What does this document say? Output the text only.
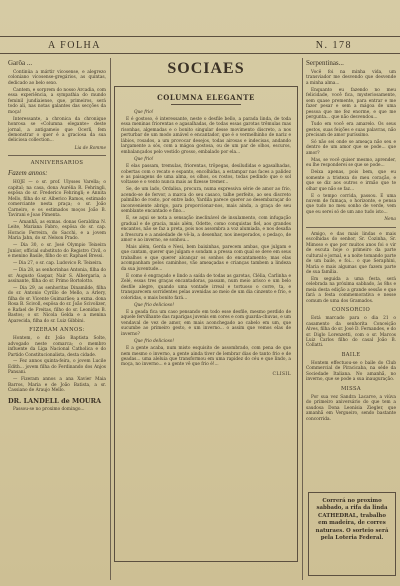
A FOLHA	N. 178
Garôa ...

Continúa a mártir vicosense, e alegrezo coloniano vicosense-gregários, as quintas, dedicado ao belo sexo.

Cantem, e sorprem do nosso Arcadia, com essa experiência, a sympathia do mundo feminil jundiaiense, que, primeiros, será todo ali, nas notas galantes das secções da moça!

Interessante, a chronica da chronique honrosa se «Columna elegante» deste jornal, a antigameio que Ocerlí, fem demonstrar o quer é a graciosa da sua deliciosa collection...

Lia de Romme
ANNIVERSARIOS
Fazem annos:

HOJE — o sr. prof. Ulysses Varella; o capital; na casa, dona Aurélia R. Fehringli, espôsa do sr. Frederico Fehringli; e Annita Mello, filha do sr. Alberico Ramos, estimado comerciante nesta praça; o sr. João Carneiro, e os estimados moços João B. Tavirani e Joao Pimenta.

— Amanhã, as exmas. donas Geraldina N. Leite, Mariana Fabro, espôsa do sr. cap. Horacio Ferreira, do Sacchi, e a jovem Maria Jahn, do sr. Nelson Prado.

— Dia 30, o sr. José Olympio Teixeira Junior, official substituto do Registro Civil, o e menino Basile, filho do sr. Raphael Bressi.

— Dia 27, o sr. cap. Ludovico R. Teixeira.

— Dia 28, as senhorinhas Antonia, filha do sr. Augusto Gaspar, Nair S. Albergaria, a assinante, filha do sr. Primo Bortolotto.

— Dia 29, as senhoritas Dinamilde, filha do sr. Antonio Cyrillo de Mello, a Arlery, filha do sr. Vicente Guimarães; a exma. dona Rosa B. Scivoll, espôsa do sr. João Scivolizer, e Rafael de Freitas, filho do sr. Leonidas B. Bastos; o sr. Nicola Gelda e a menina Aparecida, filha do sr. Luiz Gibbini.

FIZERAM ANNOS:

Hontem, o dr. João Baptista Solte, advogado neste comarca; o membro influente da Liga Nacional Catholica e do Partido Constitucionalista, desta cidade.

— Fez annos quinta-feira, o jovem Lucile Edith... jovem filha do Ferdinando dos Anjos Pansani.

— Fizeram annos a ana Xavier Maia Barros, Maria e de João Batista, a sr. Cassiano de Araujo Mello.

DR. LANDELL de MOURA

Passou-se no proximo domingo...

SOCIAES
COLUMNA ELEGANTE

Que frio!

E é gostoso, é interessante, neste o desfile bello, a parada linda, de toda essa meninas friorentas e agasalhadas, de todas essas garotas trêmulas mas risonhas, algemadas e o bonito singular desse movimento discreto, a nos perturbar de um modo amável e encantador, que é o vermelhinho de nariz e lábios, rosados, a um provocar desejos, todas airosas e indecisas, andando largamente a sós, com a mágoa gostosa, ou de um par de olhos, escuros, embalançados pelo vestido grosso, embalado por ela...

Que frio!

E elas passam, tremulas, friorentas, trôpegas, desiludidas e agasalhadas, cobertas com o recato e espanto, encolhidas, a estampar nas faces a palidez e as paisagens de uma alma, os olhos, os rostos, todas pedindo que o sol voltasse e o vento nunca mais as fizesse tremer...

Se, de um lado, Ordalisa, procura, numa expressiva série de amor ao frio, acendo-se de fervor, a marca do seu casaco, talhe perfeito, ao seu discreto palmilho de rosto, por entre lado, Yardila parece querer ao desembaraçar do inconveniente abrigo, para proporcionar-nos, mais ainda, a graça de seu semblante encantado e fino...

E, se aqui se nota a sensação ineclinável de insulamento, com infugação gradual e de gracia, mais além, Odette, como conquistas fiel, aos grandes encantos, não se faz a preta, pois nos assombra a voz alumiada, e nos desafia a frescura e a ansiedade de vê-la, a desenhar, nos inesperados, o pedaço, de amor e ao inverno, se sonhou...

Mais além, Gerda e Nesi, bem baixinhas, parecem ambas, que julgam e que cantam, querer que julgam e sondam a pressa com qual se deve em seus trabalhos e que querer alcançar os sonhos do encantamento; mas elas acompanham pelos caminhos, vão ameaçadas e crianças tambem a lindeza da sua juventude...

E como é engraçado e lindo a saída de todas as garotas, Clélia, Carlinha e Zelé, essas tres graças encantadoras, passam, num meio arisco e um belo desfile alegre, quando uma vontade irreal e tortuoso o corre, ta, e transparecem sorridentes pelas avenidas ao meio de um dia cinzento e frio, e coloridas, o mais bonito fará...

Que frio delicioso!

E a geada fica um caso pensando em todo esse desfile, mesmo perdido de aquele fervilhante das raparigas juvenis em cores e com guarda-chuvas, e um vendaval de vez de amor, em mais aconchegado ao cabelo em um, que sucumbe ao primeiro gesto, e um inverno... o assim que vemos elas de inverno?

Que frio delicioso!

E a gente acaba, num misto esquisito de assombrado, com pena de que nem mesmo o inverno, a gente ainda tiver de lembrar dias de tanto frio e de geadas... uma aleluia que transformou em uma rapidez do céu e que lindo, a moça, no inverno... e a gente vê que frio é!...

CLISIL
Serpentinas...

Você foi na minha vida, um transviador me desvendo que desvende a minha alma...

Enquanto eu fazendo no meu felicidade, você fica, mysteriosamente, sem quase premente, para entrar e me fazer pesar e sem a mágoa de uma pessoa que me fez enorme, e que me pergunta... que não desvendou...

Tudo em você era amarelo. Os seus gestos, suas feições e suas palavras, não precisam de amor puríssimo.

Só não sei onde se ameaça não seu e dentro de um amor que se pode... que amor?

Mas, se você quiser mesmo, aprender, eu lhe responderei se que se pode...

Deixa apenas, pois bem, que eu somente a tristeza do meu coração, e que se diz aos outros e irmão que te olhar que não se faz...

E o tempo corrida, passou. E uma nuvem de fumaça, o horizonte, e pensa que tudo no meu sonho de verde, vem que eu serei só de um ano tudo isto...

Nena

Amigo, e das mais lindas e mais escolhidas do senhor, Sr. Cozinha, Sr. Mimoso e que por muitos anos foi o vir de escuta hoje o primeiro da parte cultural e jornal, e a noite tomando parte de um baile, e foi... o que Seraphini, Maria e mais algumas que fazem parte de sua família.

Em seguida a uma festa, será celebrada na próxima sabbado, às 8hs e meia desta edição a grande sessão e que fará a festa commemorativa e nesse comum de uma dos Gramados.

CONSORCIO

Está marcado para o dia 21 o casamento da senhorita Conceição Alves, filha do sr. José D. Fernandes, e do sr. Diglo Lorenzetti, com o sr. Marcos Luiz Carlos filho do casal João B. Collatti.

BAILE

Hontem effectuou-se o baile do Club Commercial de Piracicaba, na séde da Sociedade Italiana. No amanhã, no inverno, que se pode a sua inauguração.

MISSA

Por sua vez Sandra Lacarve, a viúva do primeiro aniversário do que tem a saudosa Dona Leonísia Ziegler, que amanhã em Vergueiro, sendo bastante concorrida.

Correrá no proximo sabbado, a rifa da linda CATHEDRAL, trabalho em madeira, de corres naturaes. O sorteio será pela Loteria Federal.
